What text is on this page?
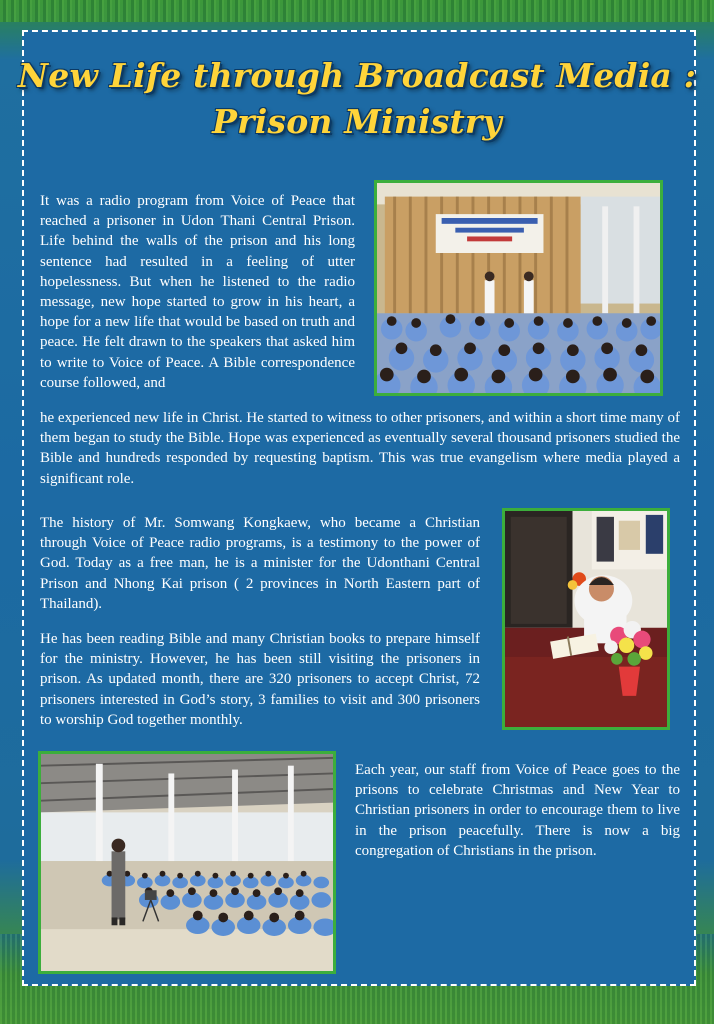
New Life through Broadcast Media :
Prison Ministry
It was a radio program from Voice of Peace that reached a prisoner in Udon Thani Central Prison. Life behind the walls of the prison and his long sentence had resulted in a feeling of utter hopelessness. But when he listened to the radio message, new hope started to grow in his heart, a hope for a new life that would be based on truth and peace. He felt drawn to the speakers that asked him to write to Voice of Peace. A Bible correspondence course followed, and
he experienced new life in Christ. He started to witness to other prisoners, and within a short time many of them began to study the Bible. Hope was experienced as eventually several thousand prisoners studied the Bible and hundreds responded by requesting baptism. This was true evangelism where media played a significant role.
The history of Mr. Somwang Kongkaew, who became a Christian through Voice of Peace radio programs, is a testimony to the power of God. Today as a free man, he is a minister for the Udonthani Central Prison and Nhong Kai prison ( 2 provinces in North Eastern part of Thailand).
He has been reading Bible and many Christian books to prepare himself for the ministry. However, he has been still visiting the prisoners in prison. As updated month, there are 320 prisoners to accept Christ, 72 prisoners interested in God’s story, 3 families to visit and 300 prisoners to worship God together monthly.
Each year, our staff from Voice of Peace goes to the prisons to celebrate Christmas and New Year to Christian prisoners in order to encourage them to live in the prison peacefully. There is now a big congregation of Christians in the prison.
